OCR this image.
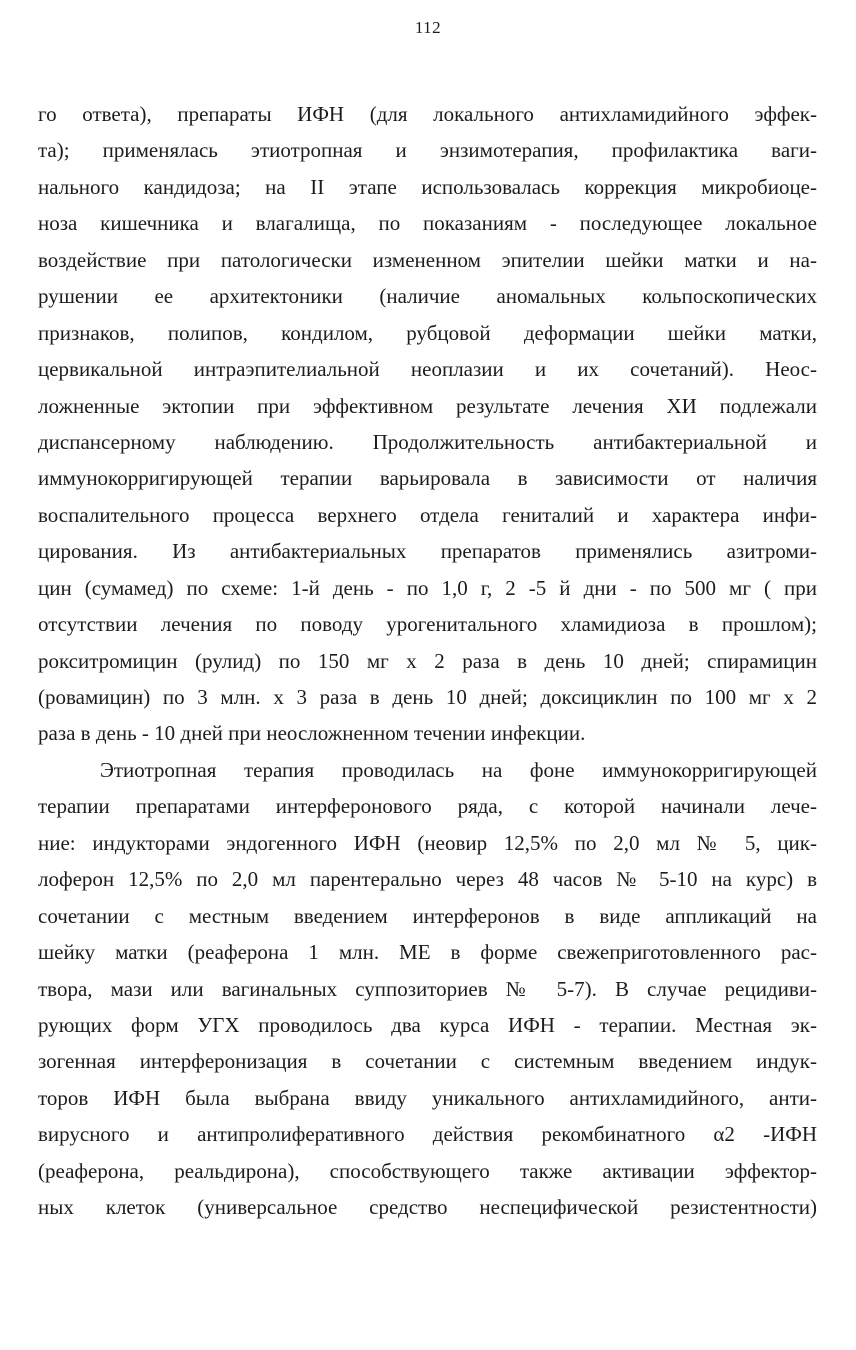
112
го ответа), препараты ИФН (для локального антихламидийного эффек-
та); применялась этиотропная и энзимотерапия, профилактика ваги-
нального кандидоза; на II этапе использовалась коррекция микробиоце-
ноза кишечника и влагалища, по показаниям - последующее локальное
воздействие при патологически измененном эпителии шейки матки и на-
рушении ее архитектоники (наличие аномальных кольпоскопических
признаков, полипов, кондилом, рубцовой деформации шейки матки,
цервикальной интраэпителиальной неоплазии и их сочетаний). Неос-
ложненные эктопии при эффективном результате лечения ХИ подлежали
диспансерному наблюдению. Продолжительность антибактериальной и
иммунокорригирующей терапии варьировала в зависимости от наличия
воспалительного процесса верхнего отдела гениталий и характера инфи-
цирования. Из антибактериальных препаратов применялись азитроми-
цин (сумамед) по схеме: 1-й день - по 1,0 г, 2 -5 й дни - по 500 мг ( при
отсутствии лечения по поводу урогенитального хламидиоза в прошлом);
рокситромицин (рулид) по 150 мг х 2 раза в день 10 дней; спирамицин
(ровамицин) по 3 млн. х 3 раза в день 10 дней; доксициклин по 100 мг х 2
раза в день - 10 дней при неосложненном течении инфекции.
Этиотропная терапия проводилась на фоне иммунокорригирующей
терапии препаратами интерферонового ряда, с которой начинали лече-
ние: индукторами эндогенного ИФН (неовир 12,5% по 2,0 мл № 5, цик-
лоферон 12,5% по 2,0 мл парентерально через 48 часов № 5-10 на курс) в
сочетании с местным введением интерферонов в виде аппликаций на
шейку матки (реаферона 1 млн. МЕ в форме свежеприготовленного рас-
твора, мази или вагинальных суппозиториев № 5-7). В случае рецидиви-
рующих форм УГХ проводилось два курса ИФН - терапии. Местная эк-
зогенная интерферонизация в сочетании с системным введением индук-
торов ИФН была выбрана ввиду уникального антихламидийного, анти-
вирусного и антипролиферативного действия рекомбинатного α2 -ИФН
(реаферона, реальдирона), способствующего также активации эффектор-
ных клеток (универсальное средство неспецифической резистентности)
